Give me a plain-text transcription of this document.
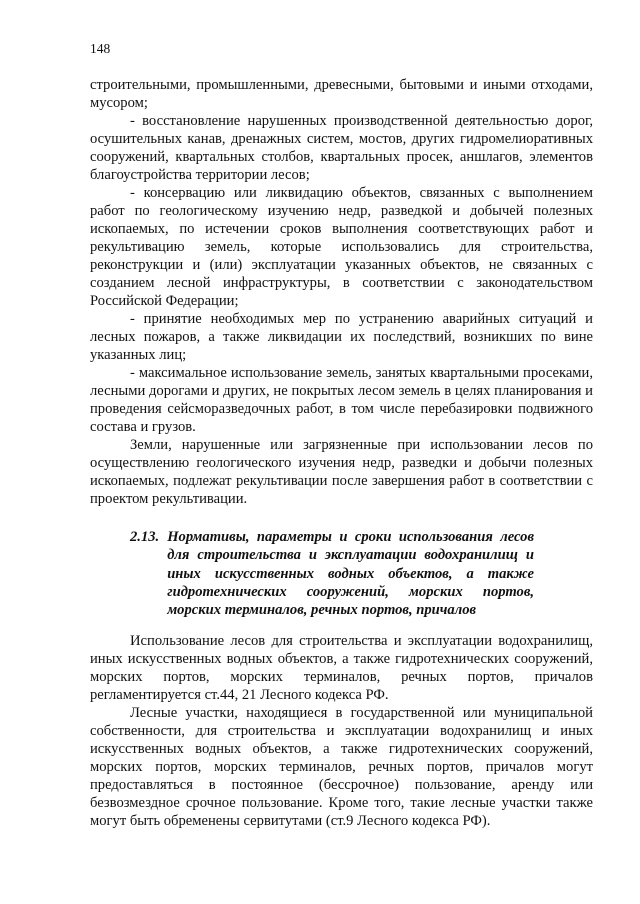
148

строительными, промышленными, древесными, бытовыми и иными отходами, мусором;

- восстановление нарушенных производственной деятельностью дорог, осушительных канав, дренажных систем, мостов, других гидромелиоративных сооружений, квартальных столбов, квартальных просек, аншлагов, элементов благоустройства территории лесов;

- консервацию или ликвидацию объектов, связанных с выполнением работ по геологическому изучению недр, разведкой и добычей полезных ископаемых, по истечении сроков выполнения соответствующих работ и рекультивацию земель, которые использовались для строительства, реконструкции и (или) эксплуатации указанных объектов, не связанных с созданием лесной инфраструктуры, в соответствии с законодательством Российской Федерации;

- принятие необходимых мер по устранению аварийных ситуаций и лесных пожаров, а также ликвидации их последствий, возникших по вине указанных лиц;

- максимальное использование земель, занятых квартальными просеками, лесными дорогами и других, не покрытых лесом земель в целях планирования и проведения сейсморазведочных работ, в том числе перебазировки подвижного состава и грузов.

Земли, нарушенные или загрязненные при использовании лесов по осуществлению геологического изучения недр, разведки и добычи полезных ископаемых, подлежат рекультивации после завершения работ в соответствии с проектом рекультивации.

2.13. Нормативы, параметры и сроки использования лесов для строительства и эксплуатации водохранилищ и иных искусственных водных объектов, а также гидротехнических сооружений, морских портов, морских терминалов, речных портов, причалов

Использование лесов для строительства и эксплуатации водохранилищ, иных искусственных водных объектов, а также гидротехнических сооружений, морских портов, морских терминалов, речных портов, причалов регламентируется ст.44, 21 Лесного кодекса РФ.

Лесные участки, находящиеся в государственной или муниципальной собственности, для строительства и эксплуатации водохранилищ и иных искусственных водных объектов, а также гидротехнических сооружений, морских портов, морских терминалов, речных портов, причалов могут предоставляться в постоянное (бессрочное) пользование, аренду или безвозмездное срочное пользование. Кроме того, такие лесные участки также могут быть обременены сервитутами (ст.9 Лесного кодекса РФ).
